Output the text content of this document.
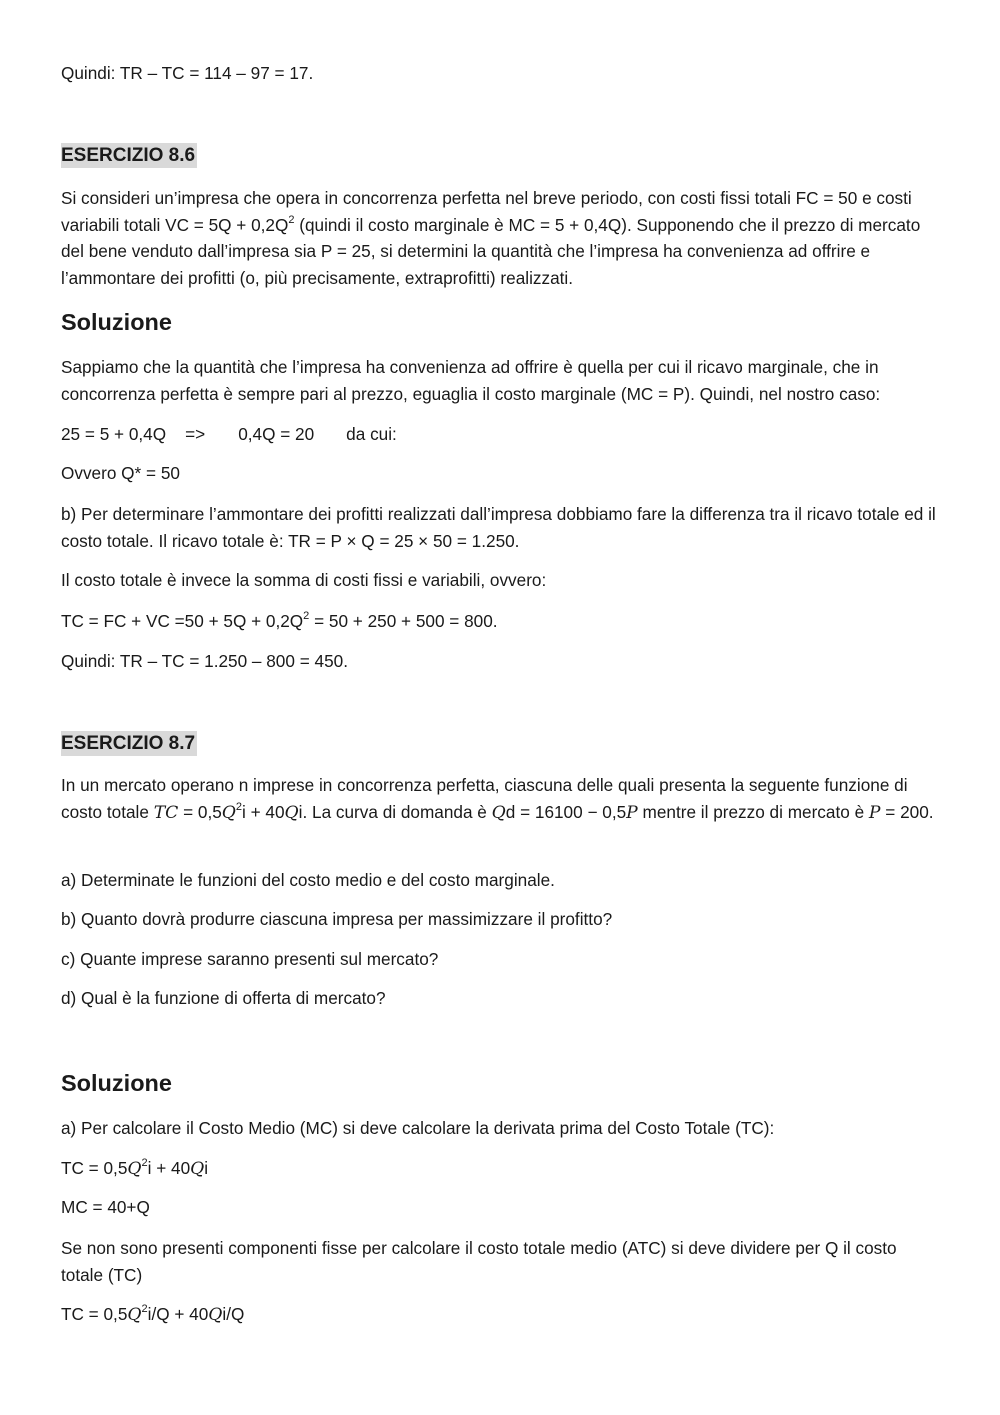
Quindi: TR – TC = 114 – 97 = 17.
ESERCIZIO 8.6
Si consideri un’impresa che opera in concorrenza perfetta nel breve periodo, con costi fissi totali FC = 50 e costi variabili totali VC = $5Q + 0,2Q^2$ (quindi il costo marginale è MC = 5 + 0,4Q). Supponendo che il prezzo di mercato del bene venduto dall’impresa sia P = 25, si determini la quantità che l’impresa ha convenienza ad offrire e l’ammontare dei profitti (o, più precisamente, extraprofitti) realizzati.
Soluzione
Sappiamo che la quantità che l’impresa ha convenienza ad offrire è quella per cui il ricavo marginale, che in concorrenza perfetta è sempre pari al prezzo, eguaglia il costo marginale (MC = P). Quindi, nel nostro caso:
25 = 5 + 0,4Q => 0,4Q = 20 da cui:
Ovvero Q* = 50
b) Per determinare l’ammontare dei profitti realizzati dall’impresa dobbiamo fare la differenza tra il ricavo totale ed il costo totale. Il ricavo totale è: TR = P × Q = 25 × 50 = 1.250.
Il costo totale è invece la somma di costi fissi e variabili, ovvero:
TC = FC + VC $=50 + 5Q + 0,2Q^2 = 50 + 250 + 500 = 800$.
Quindi: TR – TC = 1.250 – 800 = 450.
ESERCIZIO 8.7
In un mercato operano n imprese in concorrenza perfetta, ciascuna delle quali presenta la seguente funzione di costo totale TC = $0,5Q^2i + 40Qi$. La curva di domanda è Qd = 16100 − 0,5P mentre il prezzo di mercato è P = 200.
a) Determinate le funzioni del costo medio e del costo marginale.
b) Quanto dovrà produrre ciascuna impresa per massimizzare il profitto?
c) Quante imprese saranno presenti sul mercato?
d) Qual è la funzione di offerta di mercato?
Soluzione
a) Per calcolare il Costo Medio (MC) si deve calcolare la derivata prima del Costo Totale (TC):
TC = $0,5Q^2i + 40Qi$
MC = 40+Q
Se non sono presenti componenti fisse per calcolare il costo totale medio (ATC) si deve dividere per Q il costo totale (TC)
TC = $0,5Q^2i/Q + 40Qi/Q$
